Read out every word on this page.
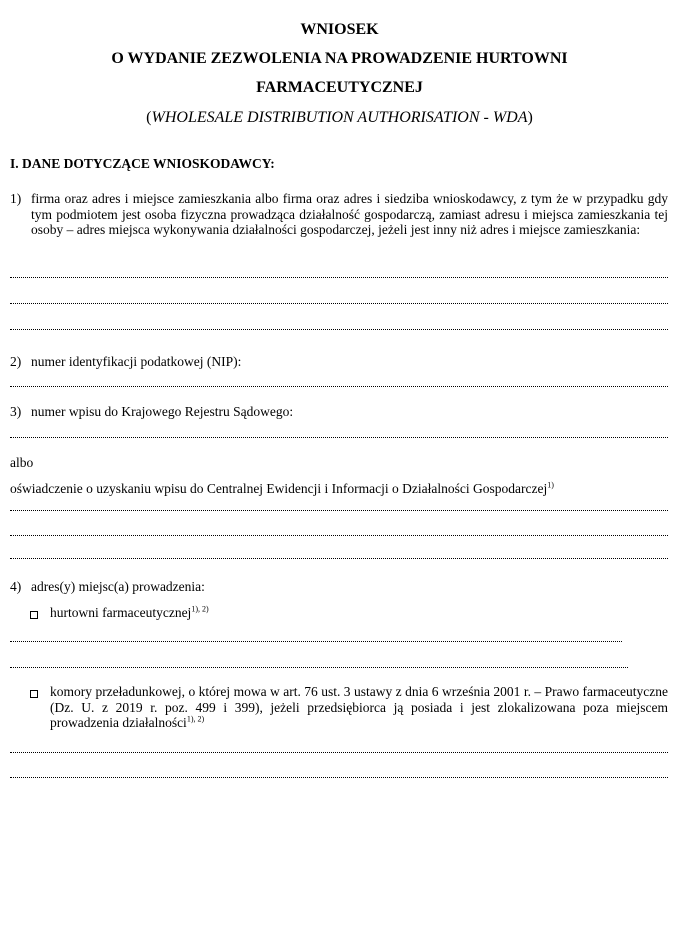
WNIOSEK

O WYDANIE ZEZWOLENIA NA PROWADZENIE HURTOWNI

FARMACEUTYCZNEJ

(WHOLESALE DISTRIBUTION AUTHORISATION - WDA)

I. DANE DOTYCZĄCE WNIOSKODAWCY:

1) firma oraz adres i miejsce zamieszkania albo firma oraz adres i siedziba wnioskodawcy, z tym że w przypadku gdy tym podmiotem jest osoba fizyczna prowadząca działalność gospodarczą, zamiast adresu i miejsca zamieszkania tej osoby – adres miejsca wykonywania działalności gospodarczej, jeżeli jest inny niż adres i miejsce zamieszkania:

2) numer identyfikacji podatkowej (NIP):

3) numer wpisu do Krajowego Rejestru Sądowego:

albo

oświadczenie o uzyskaniu wpisu do Centralnej Ewidencji i Informacji o Działalności Gospodarczej$^{1)}$

4) adres(y) miejsc(a) prowadzenia:

hurtowni farmaceutycznej$^{1), 2)}$

komory przeładunkowej, o której mowa w art. 76 ust. 3 ustawy z dnia 6 września 2001 r. – Prawo farmaceutyczne (Dz. U. z 2019 r. poz. 499 i 399), jeżeli przedsiębiorca ją posiada i jest zlokalizowana poza miejscem prowadzenia działalności$^{1), 2)}$
